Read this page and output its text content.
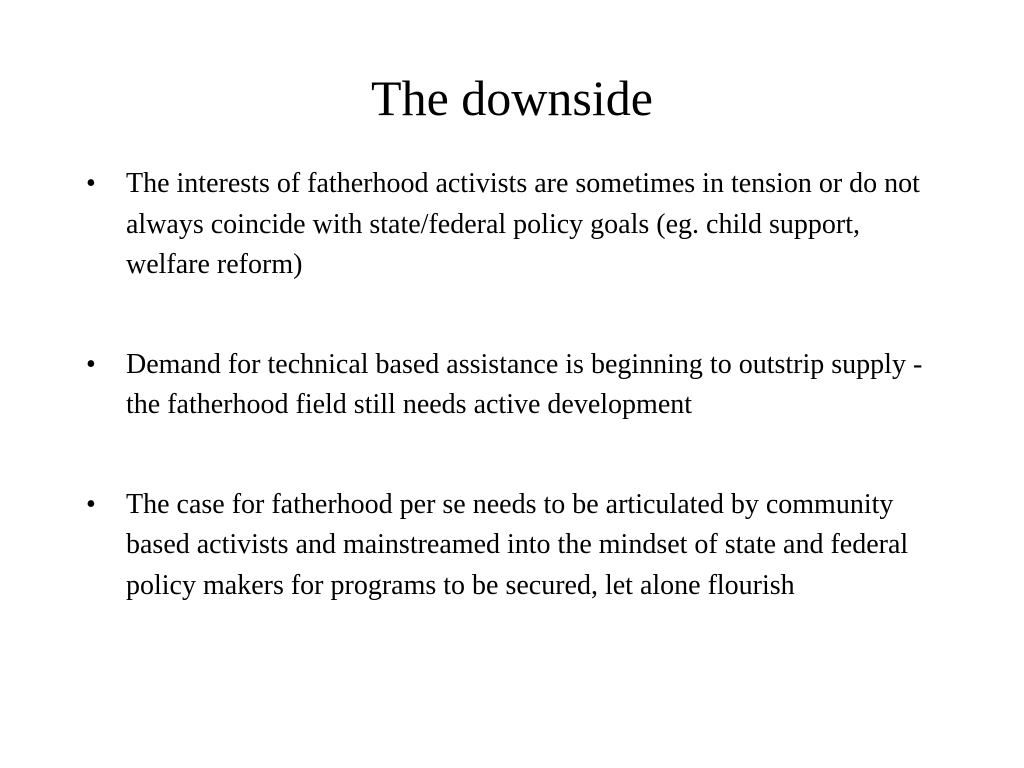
The downside
•	The interests of fatherhood activists are sometimes in tension or do not always coincide with state/federal policy goals (eg. child support, welfare reform)
•	Demand for technical based assistance is beginning to outstrip supply - the fatherhood field still needs active development
•	The case for fatherhood per se needs to be articulated by community based activists and mainstreamed into the mindset of state and federal policy makers for programs to be secured, let alone flourish
